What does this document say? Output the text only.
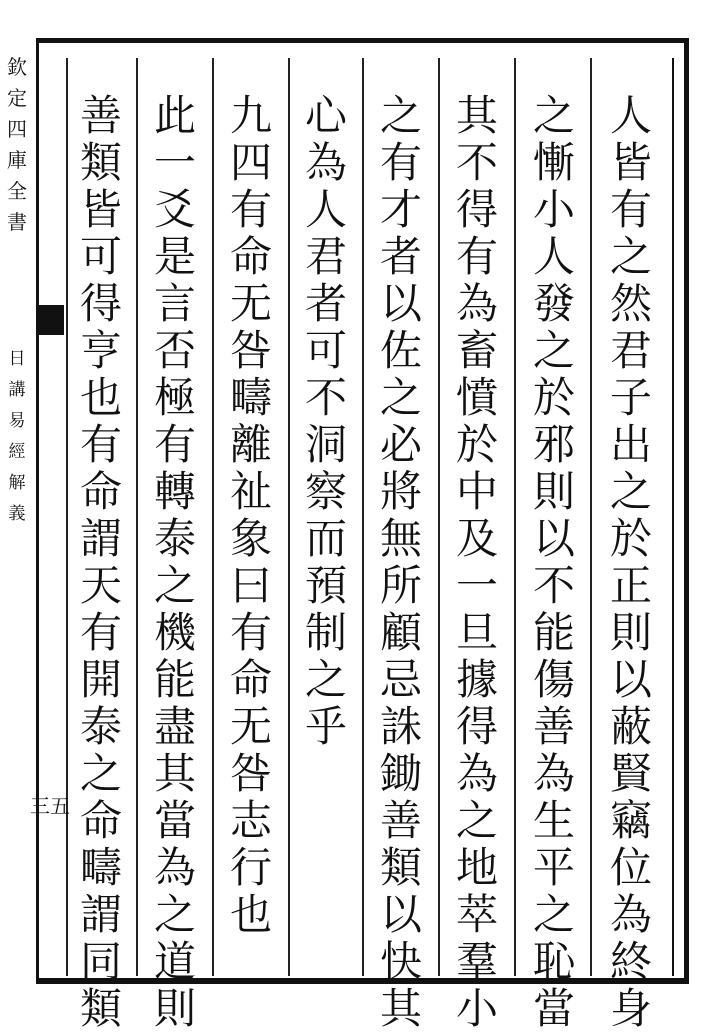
欽
定
四
庫
全
書
日
講
易
經
解
義
三五
人
皆
有
之
然
君
子
出
之
於
正
則
以
蔽
賢
竊
位
為
終
身
之
慚
小
人
發
之
於
邪
則
以
不
能
傷
善
為
生
平
之
恥
當
其
不
得
有
為
畜
憤
於
中
及
一
旦
據
得
為
之
地
萃
羣
小
之
有
才
者
以
佐
之
必
將
無
所
顧
忌
誅
鋤
善
類
以
快
其
心
為
人
君
者
可
不
洞
察
而
預
制
之
乎
九
四
有
命
无
咎
疇
離
祉
象
曰
有
命
无
咎
志
行
也
此
一
爻
是
言
否
極
有
轉
泰
之
機
能
盡
其
當
為
之
道
則
善
類
皆
可
得
亨
也
有
命
謂
天
有
開
泰
之
命
疇
謂
同
類
